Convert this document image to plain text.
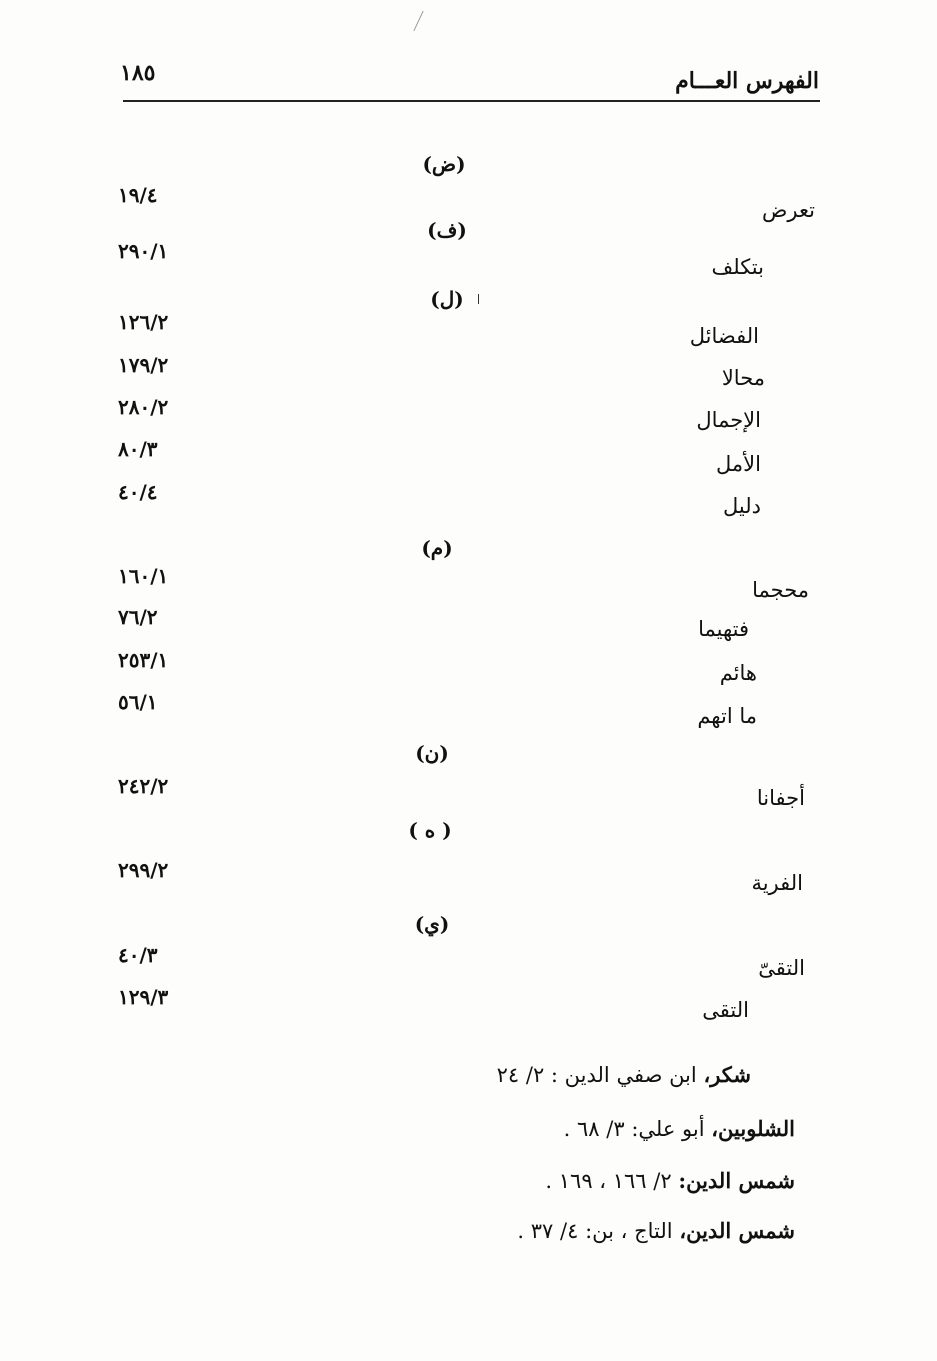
الفهرس العـــام
١٨٥
(ض)
تعرض
١٩/٤
(ف)
بتكلف
٢٩٠/١
(ل)
الفضائل
١٢٦/٢
محالا
١٧٩/٢
الإجمال
٢٨٠/٢
الأمل
٨٠/٣
دليل
٤٠/٤
(م)
محجما
١٦٠/١
فتهيما
٧٦/٢
هائم
٢٥٣/١
ما اتهم
٥٦/١
(ن)
أجفانا
٢٤٢/٢
( ه )
الفرية
٢٩٩/٢
(ي)
التقىّ
٤٠/٣
التقى
١٢٩/٣
شكر، ابن صفي الدين : ٢/ ٢٤
الشلوبين، أبو علي: ٣/ ٦٨ .
شمس الدين: ٢/ ١٦٦ ، ١٦٩ .
شمس الدين، التاج ، بن: ٤/ ٣٧ .
